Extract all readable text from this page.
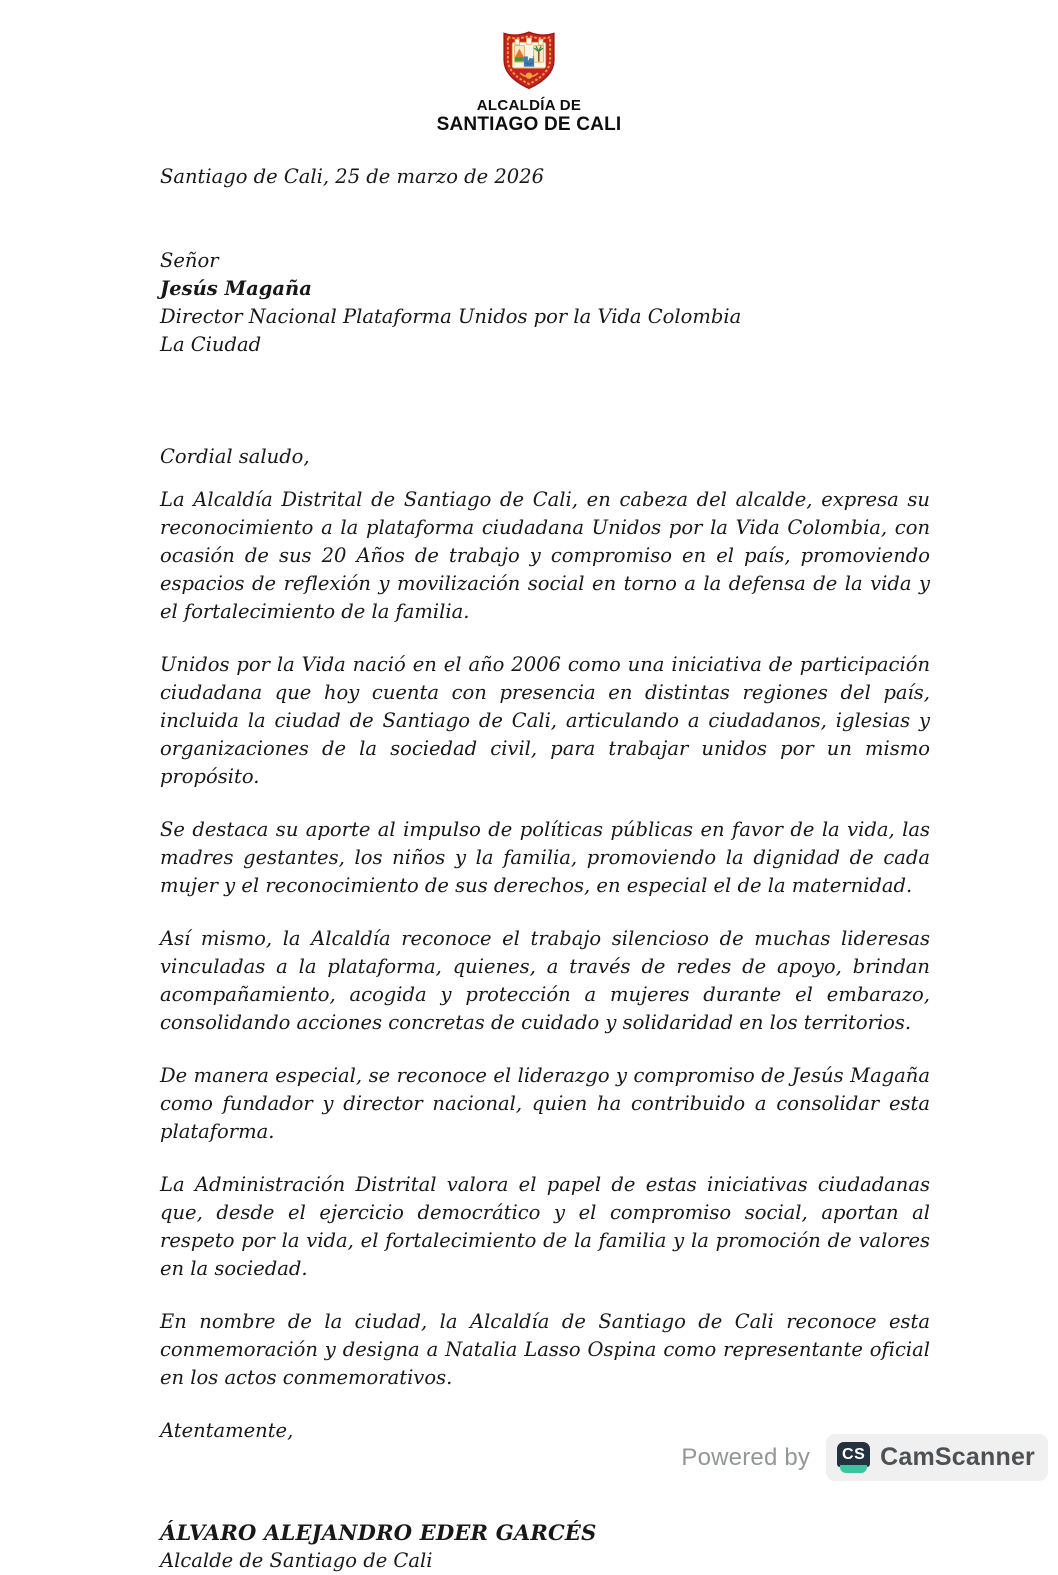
ALCALDÍA DE
SANTIAGO DE CALI
Santiago de Cali, 25 de marzo de 2026
Señor
Jesús Magaña
Director Nacional Plataforma Unidos por la Vida Colombia
La Ciudad
Cordial saludo,

La Alcaldía Distrital de Santiago de Cali, en cabeza del alcalde, expresa su reconocimiento a la plataforma ciudadana Unidos por la Vida Colombia, con ocasión de sus 20 Años de trabajo y compromiso en el país, promoviendo espacios de reflexión y movilización social en torno a la defensa de la vida y el fortalecimiento de la familia.

Unidos por la Vida nació en el año 2006 como una iniciativa de participación ciudadana que hoy cuenta con presencia en distintas regiones del país, incluida la ciudad de Santiago de Cali, articulando a ciudadanos, iglesias y organizaciones de la sociedad civil, para trabajar unidos por un mismo propósito.

Se destaca su aporte al impulso de políticas públicas en favor de la vida, las madres gestantes, los niños y la familia, promoviendo la dignidad de cada mujer y el reconocimiento de sus derechos, en especial el de la maternidad.

Así mismo, la Alcaldía reconoce el trabajo silencioso de muchas lideresas vinculadas a la plataforma, quienes, a través de redes de apoyo, brindan acompañamiento, acogida y protección a mujeres durante el embarazo, consolidando acciones concretas de cuidado y solidaridad en los territorios.

De manera especial, se reconoce el liderazgo y compromiso de Jesús Magaña como fundador y director nacional, quien ha contribuido a consolidar esta plataforma.

La Administración Distrital valora el papel de estas iniciativas ciudadanas que, desde el ejercicio democrático y el compromiso social, aportan al respeto por la vida, el fortalecimiento de la familia y la promoción de valores en la sociedad.

En nombre de la ciudad, la Alcaldía de Santiago de Cali reconoce esta conmemoración y designa a Natalia Lasso Ospina como representante oficial en los actos conmemorativos.

Atentamente,
ÁLVARO ALEJANDRO EDER GARCÉS
Alcalde de Santiago de Cali
Powered by	CS CamScanner
